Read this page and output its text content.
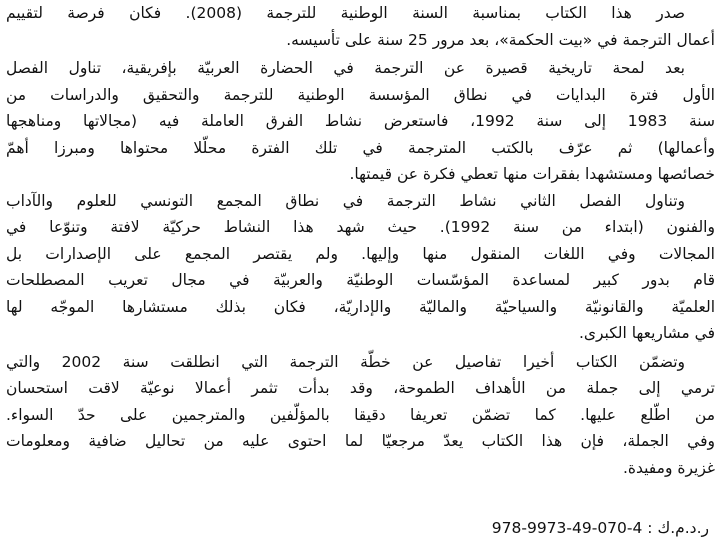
صدر هذا الكتاب بمناسبة السنة الوطنية للترجمة (2008). فكان فرصة لتقييم
أعمال الترجمة في «بيت الحكمة»، بعد مرور 25 سنة على تأسيسه.
بعد لمحة تاريخية قصيرة عن الترجمة في الحضارة العربيّة بإفريقية، تناول الفصل
الأول فترة البدايات في نطاق المؤسسة الوطنية للترجمة والتحقيق والدراسات من
سنة 1983 إلى سنة 1992، فاستعرض نشاط الفرق العاملة فيه (مجالاتها ومناهجها
وأعمالها) ثم عرّف بالكتب المترجمة في تلك الفترة محلّلا محتواها ومبرزا أهمّ
خصائصها ومستشهدا بفقرات منها تعطي فكرة عن قيمتها.
وتناول الفصل الثاني نشاط الترجمة في نطاق المجمع التونسي للعلوم والآداب
والفنون (ابتداء من سنة 1992). حيث شهد هذا النشاط حركيّة لافتة وتنوّعا في
المجالات وفي اللغات المنقول منها وإليها. ولم يقتصر المجمع على الإصدارات بل
قام بدور كبير لمساعدة المؤسّسات الوطنيّة والعربيّة في مجال تعريب المصطلحات
العلميّة والقانونيّة والسياحيّة والماليّة والإداريّة، فكان بذلك مستشارها الموجّه لها
في مشاريعها الكبرى.
وتضمّن الكتاب أخيرا تفاصيل عن خطّة الترجمة التي انطلقت سنة 2002 والتي
ترمي إلى جملة من الأهداف الطموحة، وقد بدأت تثمر أعمالا نوعيّة لاقت استحسان
من اطّلع عليها. كما تضمّن تعريفا دقيقا بالمؤلّفين والمترجمين على حدّ السواء.
وفي الجملة، فإن هذا الكتاب يعدّ مرجعيّا لما احتوى عليه من تحاليل ضافية ومعلومات
غزيرة ومفيدة.
ر.د.م.ك : 978-9973-49-070-4
